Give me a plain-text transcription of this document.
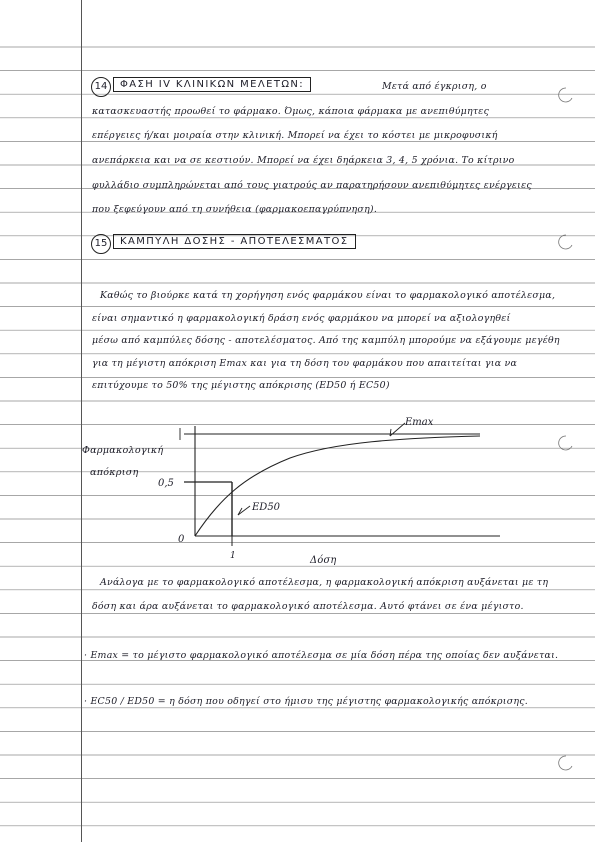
14	ΦΑΣΗ IV ΚΛΙΝΙΚΩΝ ΜΕΛΕΤΩΝ:	Μετά από έγκριση, ο
κατασκευαστής προωθεί το φάρμακο. Όμως, κάποια φάρμακα με ανεπιθύμητες
επέργειες ή/και μοιραία στην κλινική. Μπορεί να έχει το κόστει με μικροφυσική
ανεπάρκεια και να σε κεστιούν. Μπορεί να έχει δηάρκεια 3, 4, 5 χρόνια. Το κίτρινο
φυλλάδιο συμπληρώνεται από τους γιατρούς αν παρατηρήσουν ανεπιθύμητες ενέργειες
που ξεφεύγουν από τη συνήθεια (φαρμακοεπαγρύπνηση).
15	ΚΑΜΠΥΛΗ ΔΟΣΗΣ - ΑΠΟΤΕΛΕΣΜΑΤΟΣ
Καθώς το βιούρκε κατά τη χορήγηση ενός φαρμάκου είναι το φαρμακολογικό αποτέλεσμα,
είναι σημαντικό η φαρμακολογική δράση ενός φαρμάκου να μπορεί να αξιολογηθεί
μέσω από καμπύλες δόσης - αποτελέσματος. Από της καμπύλη μπορούμε να εξάγουμε μεγέθη
για τη μέγιστη απόκριση Emax και για τη δόση του φαρμάκου που απαιτείται για να
επιτύχουμε το 50% της μέγιστης απόκρισης (ED50 ή EC50)
Φαρμακολογική
απόκριση
Emax
ED50
0,5
0
1	Δόση
Ανάλογα με το φαρμακολογικό αποτέλεσμα, η φαρμακολογική απόκριση αυξάνεται με τη
δόση και άρα αυξάνεται το φαρμακολογικό αποτέλεσμα. Αυτό φτάνει σε ένα μέγιστο.
· Emax = το μέγιστο φαρμακολογικό αποτέλεσμα σε μία δόση πέρα της οποίας δεν αυξάνεται.
· EC50 / ED50 = η δόση που οδηγεί στο ήμισυ της μέγιστης φαρμακολογικής απόκρισης.
